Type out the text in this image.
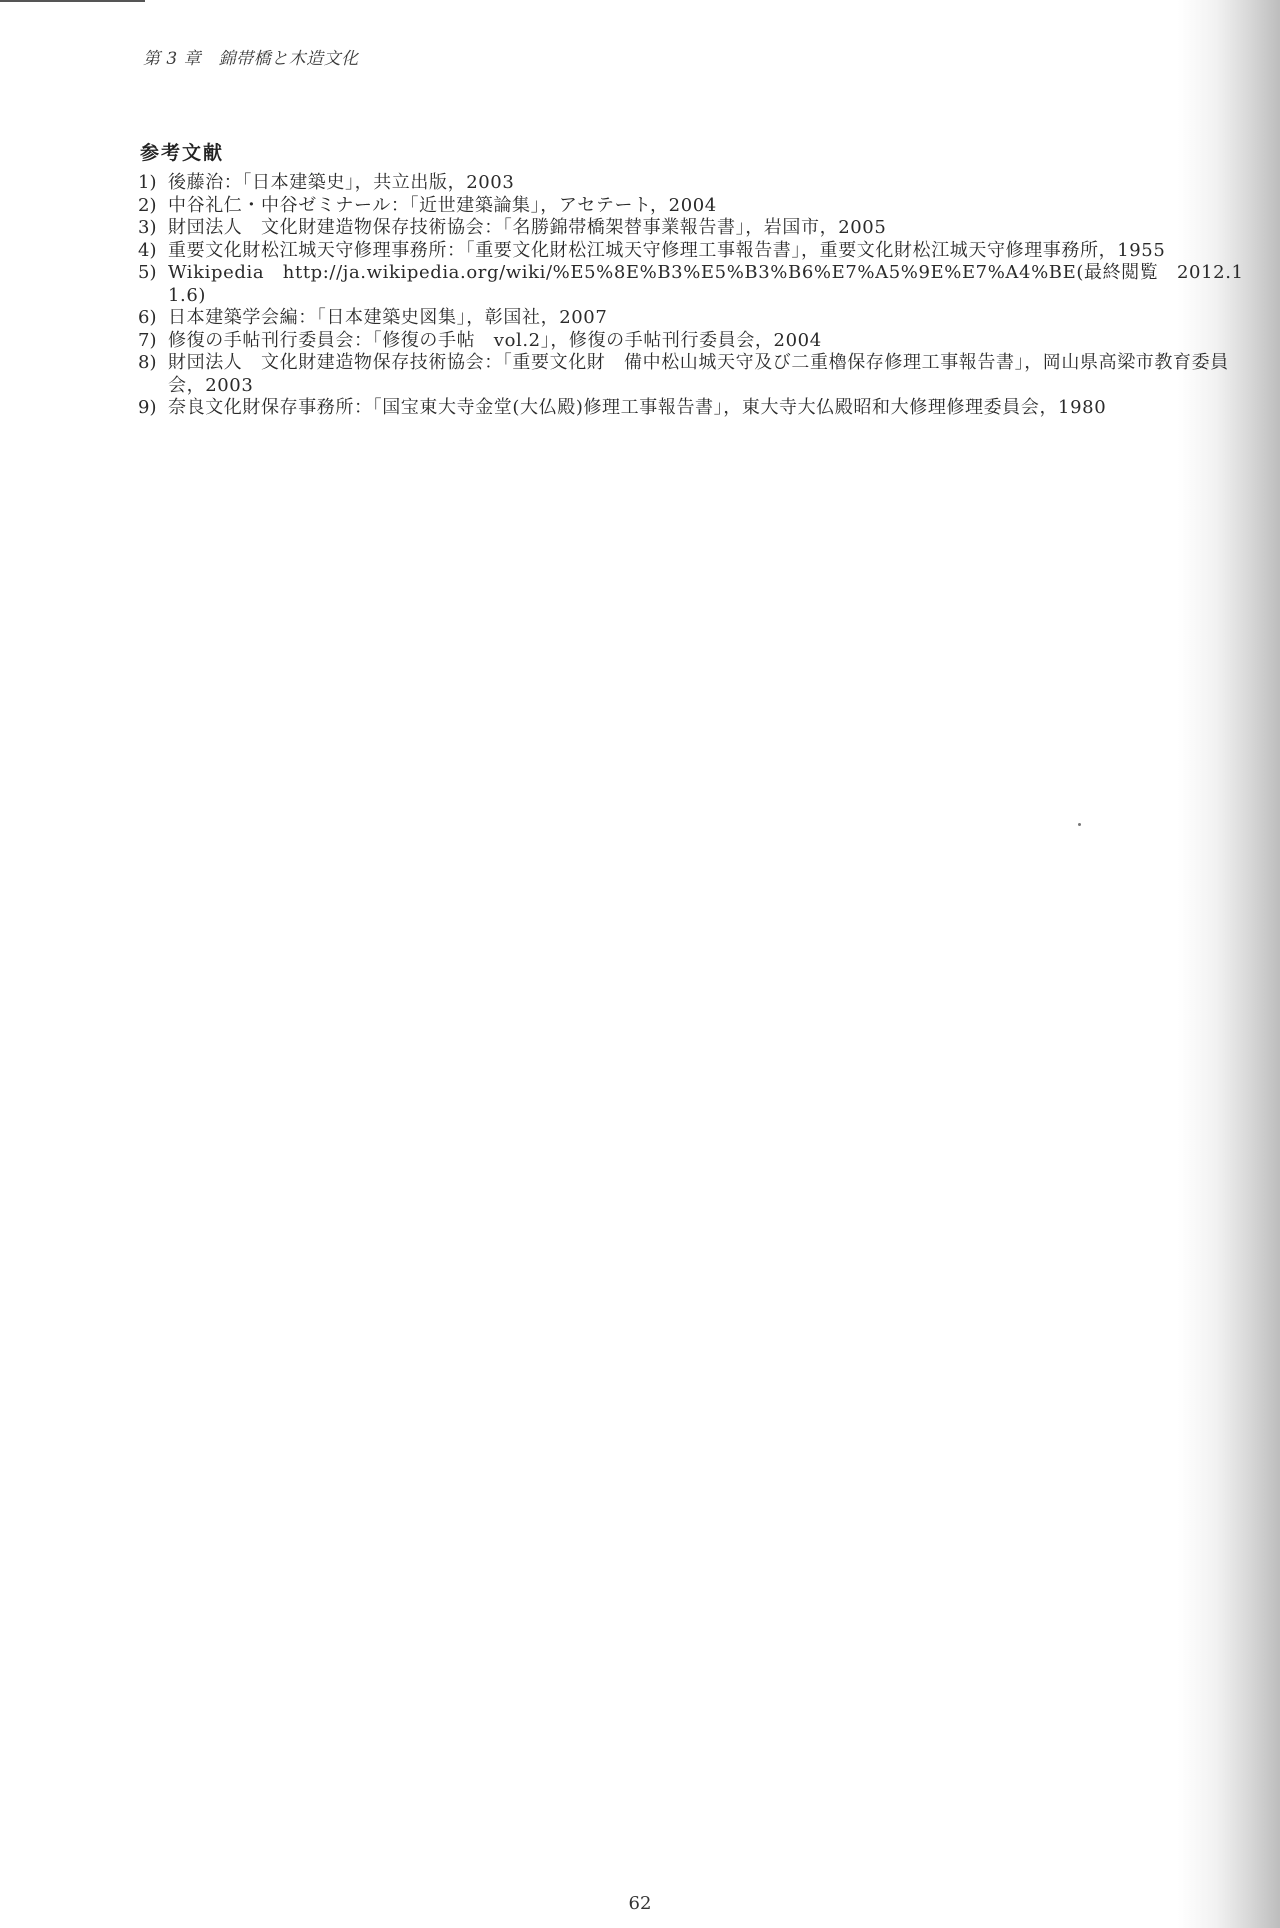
第 3 章　錦帯橋と木造文化
参考文献
1) 後藤治：「日本建築史」，共立出版，2003
2) 中谷礼仁・中谷ゼミナール：「近世建築論集」，アセテート，2004
3) 財団法人　文化財建造物保存技術協会：「名勝錦帯橋架替事業報告書」，岩国市，2005
4) 重要文化財松江城天守修理事務所：「重要文化財松江城天守修理工事報告書」，重要文化財松江城天守修理事務所，1955
5) Wikipedia　http://ja.wikipedia.org/wiki/%E5%8E%B3%E5%B3%B6%E7%A5%9E%E7%A4%BE(最終閲覧　2012.11.6)
6) 日本建築学会編：「日本建築史図集」，彰国社，2007
7) 修復の手帖刊行委員会：「修復の手帖　vol.2」，修復の手帖刊行委員会，2004
8) 財団法人　文化財建造物保存技術協会：「重要文化財　備中松山城天守及び二重櫓保存修理工事報告書」，岡山県高梁市教育委員会，2003
9) 奈良文化財保存事務所：「国宝東大寺金堂(大仏殿)修理工事報告書」，東大寺大仏殿昭和大修理修理委員会，1980
62
